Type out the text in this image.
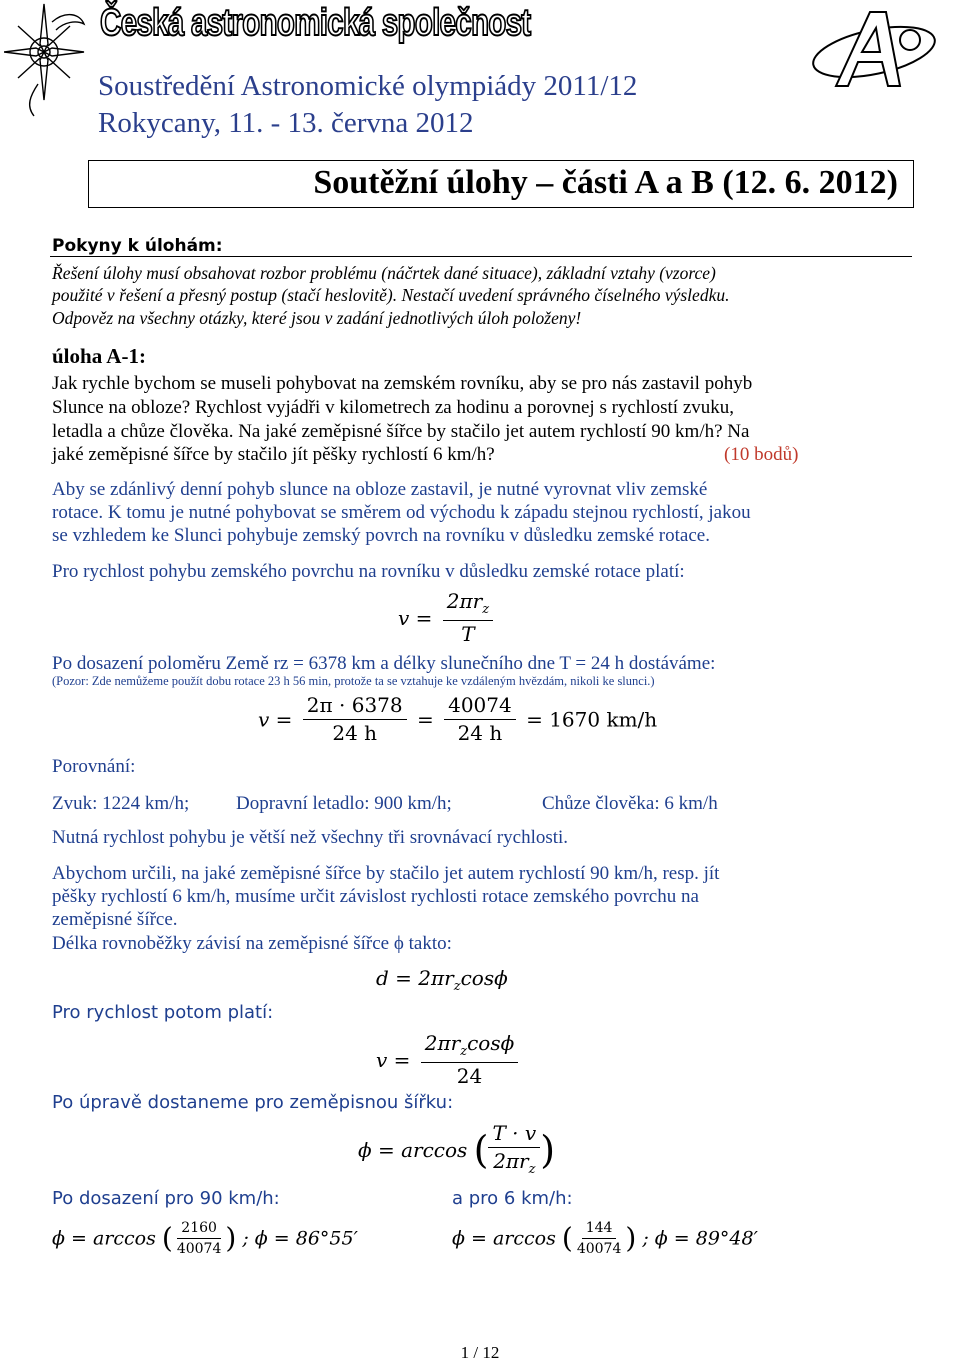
Česká astronomická společnost
Soustředění Astronomické olympiády 2011/12
Rokycany, 11. - 13. června 2012
Soutěžní úlohy – části A a B (12. 6. 2012)
Pokyny k úlohám:
Řešení úlohy musí obsahovat rozbor problému (náčrtek dané situace), základní vztahy (vzorce)
použité v řešení a přesný postup (stačí heslovitě). Nestačí uvedení správného číselného výsledku.
Odpověz na všechny otázky, které jsou v zadání jednotlivých úloh položeny!
úloha A-1:
Jak rychle bychom se museli pohybovat na zemském rovníku, aby se pro nás zastavil pohyb
Slunce na obloze? Rychlost vyjádři v kilometrech za hodinu a porovnej s rychlostí zvuku,
letadla a chůze člověka. Na jaké zeměpisné šířce by stačilo jet autem rychlostí 90 km/h? Na
jaké zeměpisné šířce by stačilo jít pěšky rychlostí 6 km/h?	(10 bodů)
Aby se zdánlivý denní pohyb slunce na obloze zastavil, je nutné vyrovnat vliv zemské
rotace. K tomu je nutné pohybovat se směrem od východu k západu stejnou rychlostí, jakou
se vzhledem ke Slunci pohybuje zemský povrch na rovníku v důsledku zemské rotace.
Pro rychlost pohybu zemského povrchu na rovníku v důsledku zemské rotace platí:
$v = \frac{2\pi r_z}{T}$
Po dosazení poloměru Země rz = 6378 km a délky slunečního dne T = 24 h dostáváme:
(Pozor: Zde nemůžeme použít dobu rotace 23 h 56 min, protože ta se vztahuje ke vzdáleným hvězdám, nikoli ke slunci.)
$v = \frac{2\pi \cdot 6378}{24 h} = \frac{40074}{24 h} = 1670$ km/h
Porovnání:
Zvuk: 1224 km/h; Dopravní letadlo: 900 km/h;	Chůze člověka: 6 km/h
Nutná rychlost pohybu je větší než všechny tři srovnávací rychlosti.
Abychom určili, na jaké zeměpisné šířce by stačilo jet autem rychlostí 90 km/h, resp. jít
pěšky rychlostí 6 km/h, musíme určit závislost rychlosti rotace zemského povrchu na
zeměpisné šířce.
Délka rovnoběžky závisí na zeměpisné šířce ϕ takto:
$d = 2\pi r_z\cos\phi$
Pro rychlost potom platí:
$v = \frac{2\pi r_z\cos\phi}{24}$
Po úpravě dostaneme pro zeměpisnou šířku:
ϕ = arccos ( $\frac{T \cdot v}{2\pi r_z}$ )
Po dosazení pro 90 km/h:	a pro 6 km/h:
ϕ = arccos ( $\frac{2160}{40074}$ ) ; ϕ = 86°55′	ϕ = arccos ( $\frac{144}{40074}$ ) ; ϕ = 89°48′
1 / 12
